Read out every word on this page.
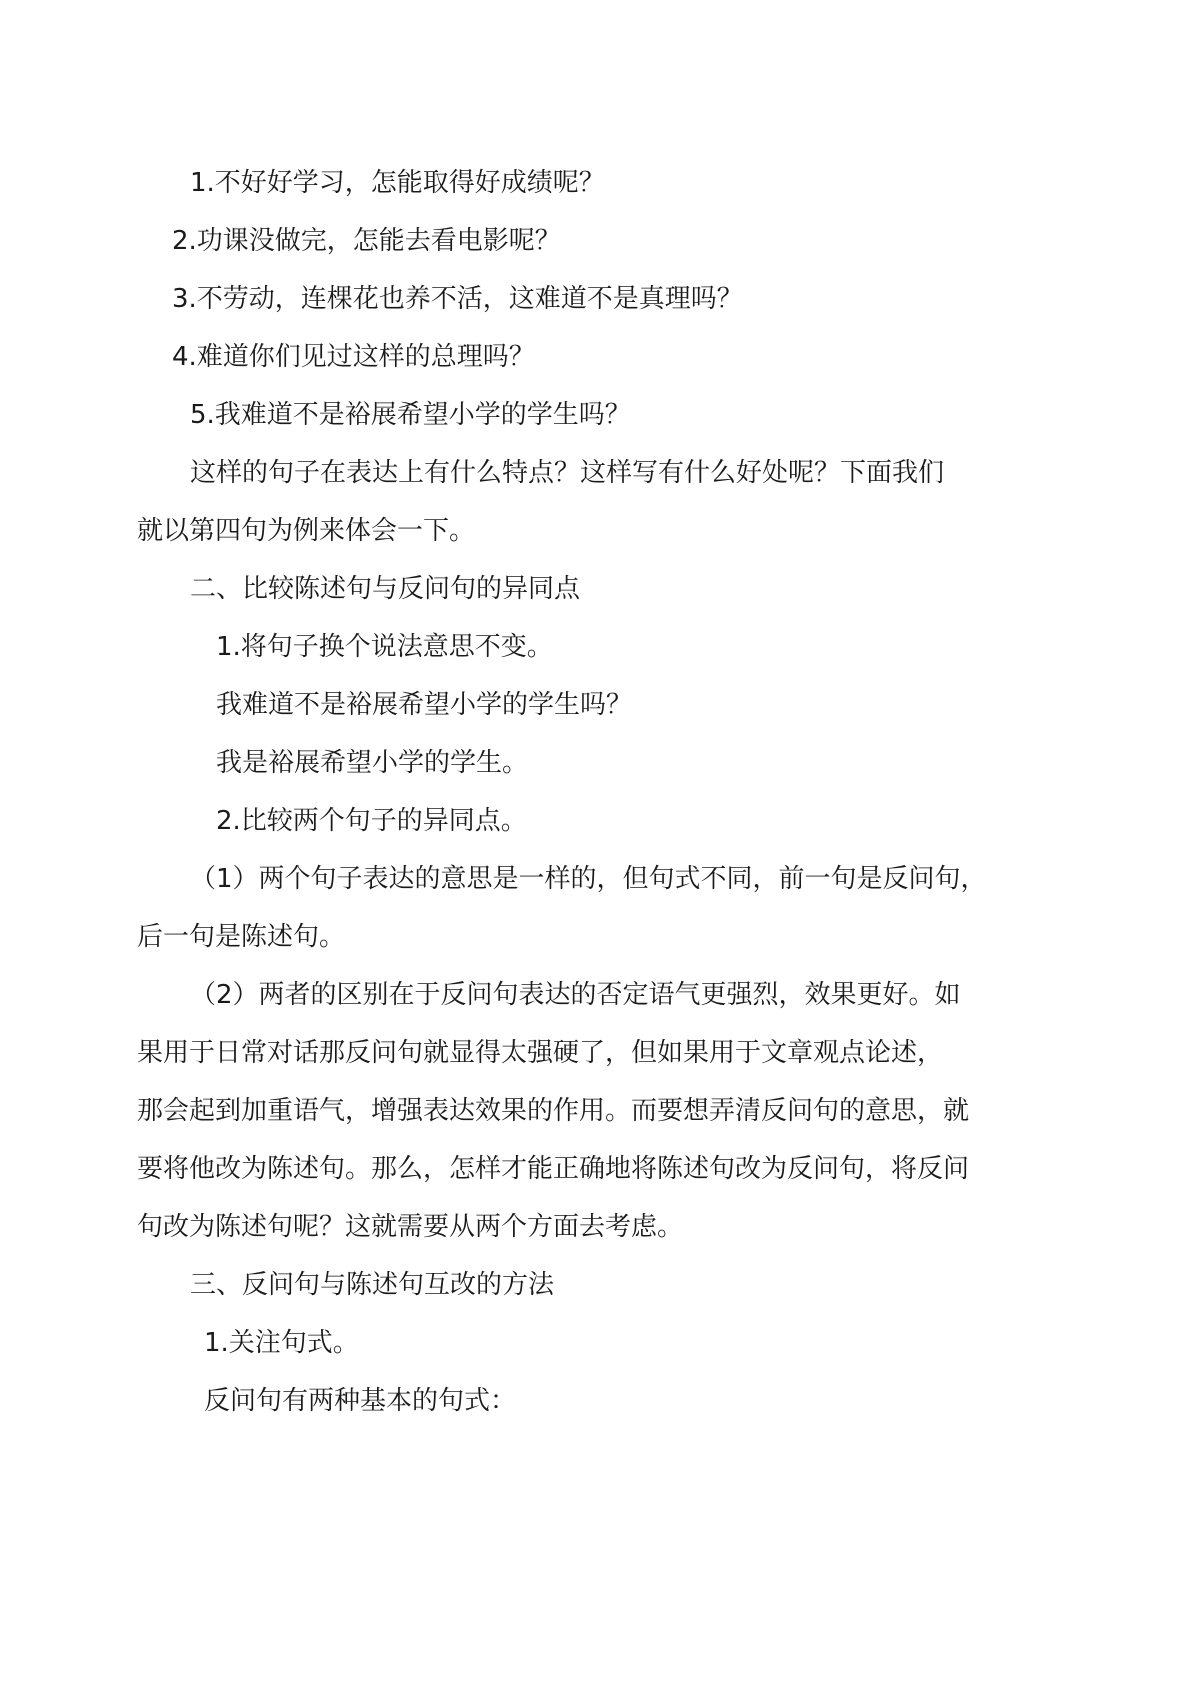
1.不好好学习，怎能取得好成绩呢？

2.功课没做完，怎能去看电影呢？

3.不劳动，连棵花也养不活，这难道不是真理吗？

4.难道你们见过这样的总理吗？

5.我难道不是裕展希望小学的学生吗？

这样的句子在表达上有什么特点？这样写有什么好处呢？下面我们

就以第四句为例来体会一下。

二、比较陈述句与反问句的异同点

1.将句子换个说法意思不变。

我难道不是裕展希望小学的学生吗？

我是裕展希望小学的学生。

2.比较两个句子的异同点。

（1）两个句子表达的意思是一样的，但句式不同，前一句是反问句，

后一句是陈述句。

（2）两者的区别在于反问句表达的否定语气更强烈，效果更好。如

果用于日常对话那反问句就显得太强硬了，但如果用于文章观点论述，

那会起到加重语气，增强表达效果的作用。而要想弄清反问句的意思，就

要将他改为陈述句。那么，怎样才能正确地将陈述句改为反问句，将反问

句改为陈述句呢？这就需要从两个方面去考虑。

三、反问句与陈述句互改的方法

1.关注句式。

反问句有两种基本的句式：
